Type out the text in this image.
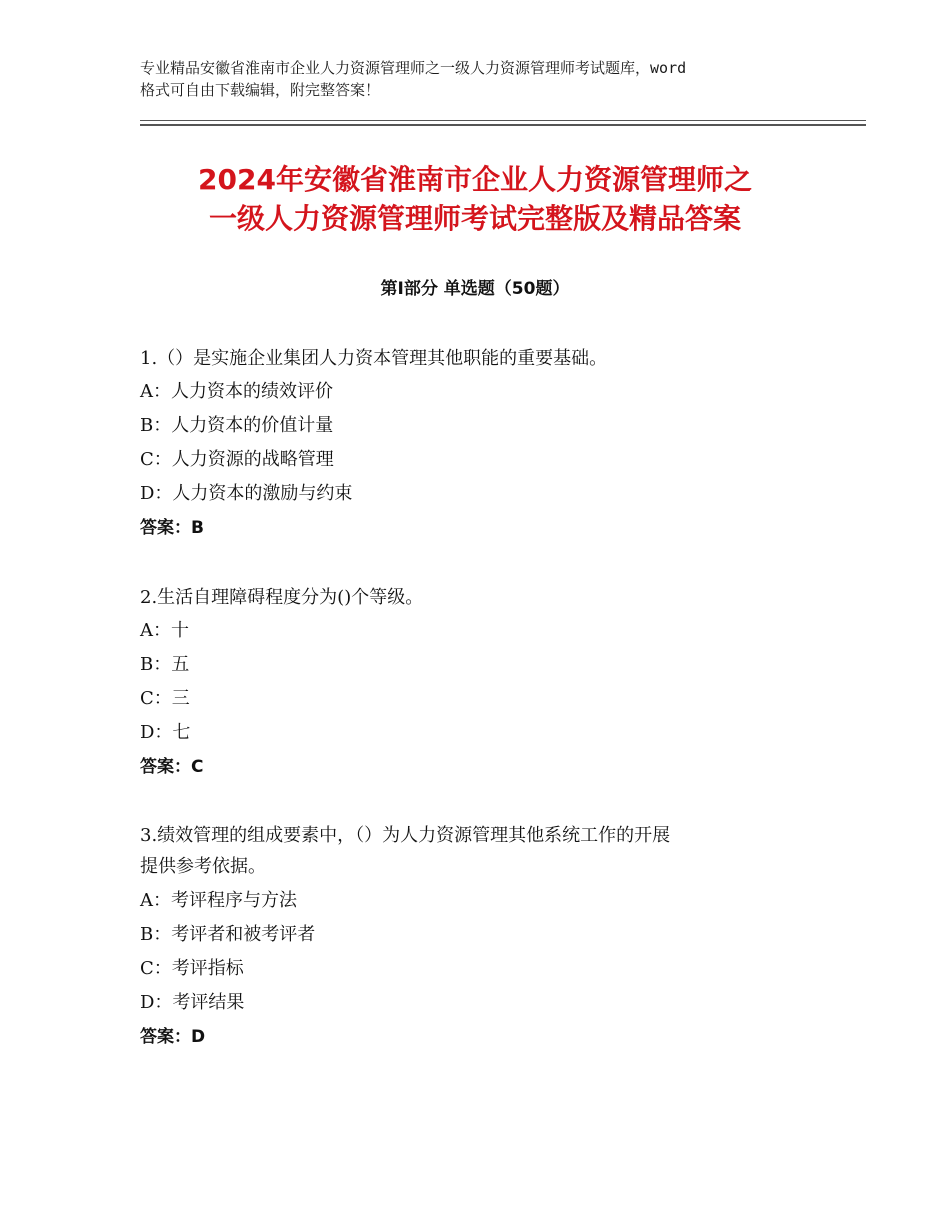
专业精品安徽省淮南市企业人力资源管理师之一级人力资源管理师考试题库，word
格式可自由下载编辑，附完整答案！
2024年安徽省淮南市企业人力资源管理师之
一级人力资源管理师考试完整版及精品答案
第Ⅰ部分 单选题（50题）

1.（）是实施企业集团人力资本管理其他职能的重要基础。

A：人力资本的绩效评价

B：人力资本的价值计量

C：人力资源的战略管理

D：人力资本的激励与约束

答案：B

2.生活自理障碍程度分为()个等级。

A：十

B：五

C：三

D：七

答案：C

3.绩效管理的组成要素中，（）为人力资源管理其他系统工作的开展
提供参考依据。

A：考评程序与方法

B：考评者和被考评者

C：考评指标

D：考评结果

答案：D
